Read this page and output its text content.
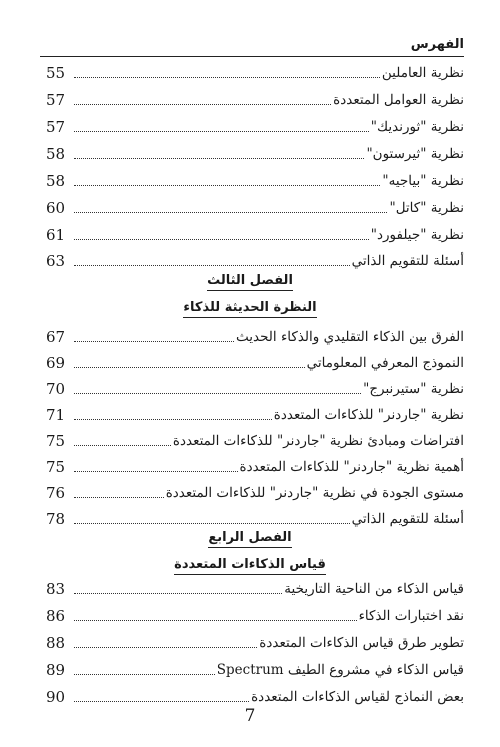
الفهرس
نظرية العاملين
55
نظرية العوامل المتعددة
57
نظرية "ثورنديك"
57
نظرية "ثيرستون"
58
نظرية "بياجيه"
58
نظرية "كاتل"
60
نظرية "جيلفورد"
61
أسئلة للتقويم الذاتي
63
الفصل الثالث
النظرة الحديثة للذكاء
الفرق بين الذكاء التقليدي والذكاء الحديث
67
النموذج المعرفي المعلوماتي
69
نظرية "ستيرنبرج"
70
نظرية "جاردنر" للذكاءات المتعددة
71
افتراضات ومبادئ نظرية "جاردنر" للذكاءات المتعددة
75
أهمية نظرية "جاردنر" للذكاءات المتعددة
75
مستوى الجودة في نظرية "جاردنر" للذكاءات المتعددة
76
أسئلة للتقويم الذاتي
78
الفصل الرابع
قياس الذكاءات المتعددة
قياس الذكاء من الناحية التاريخية
83
نقد اختبارات الذكاء
86
تطوير طرق قياس الذكاءات المتعددة
88
قياس الذكاء في مشروع الطيف Spectrum
89
بعض النماذج لقياس الذكاءات المتعددة
90
7
